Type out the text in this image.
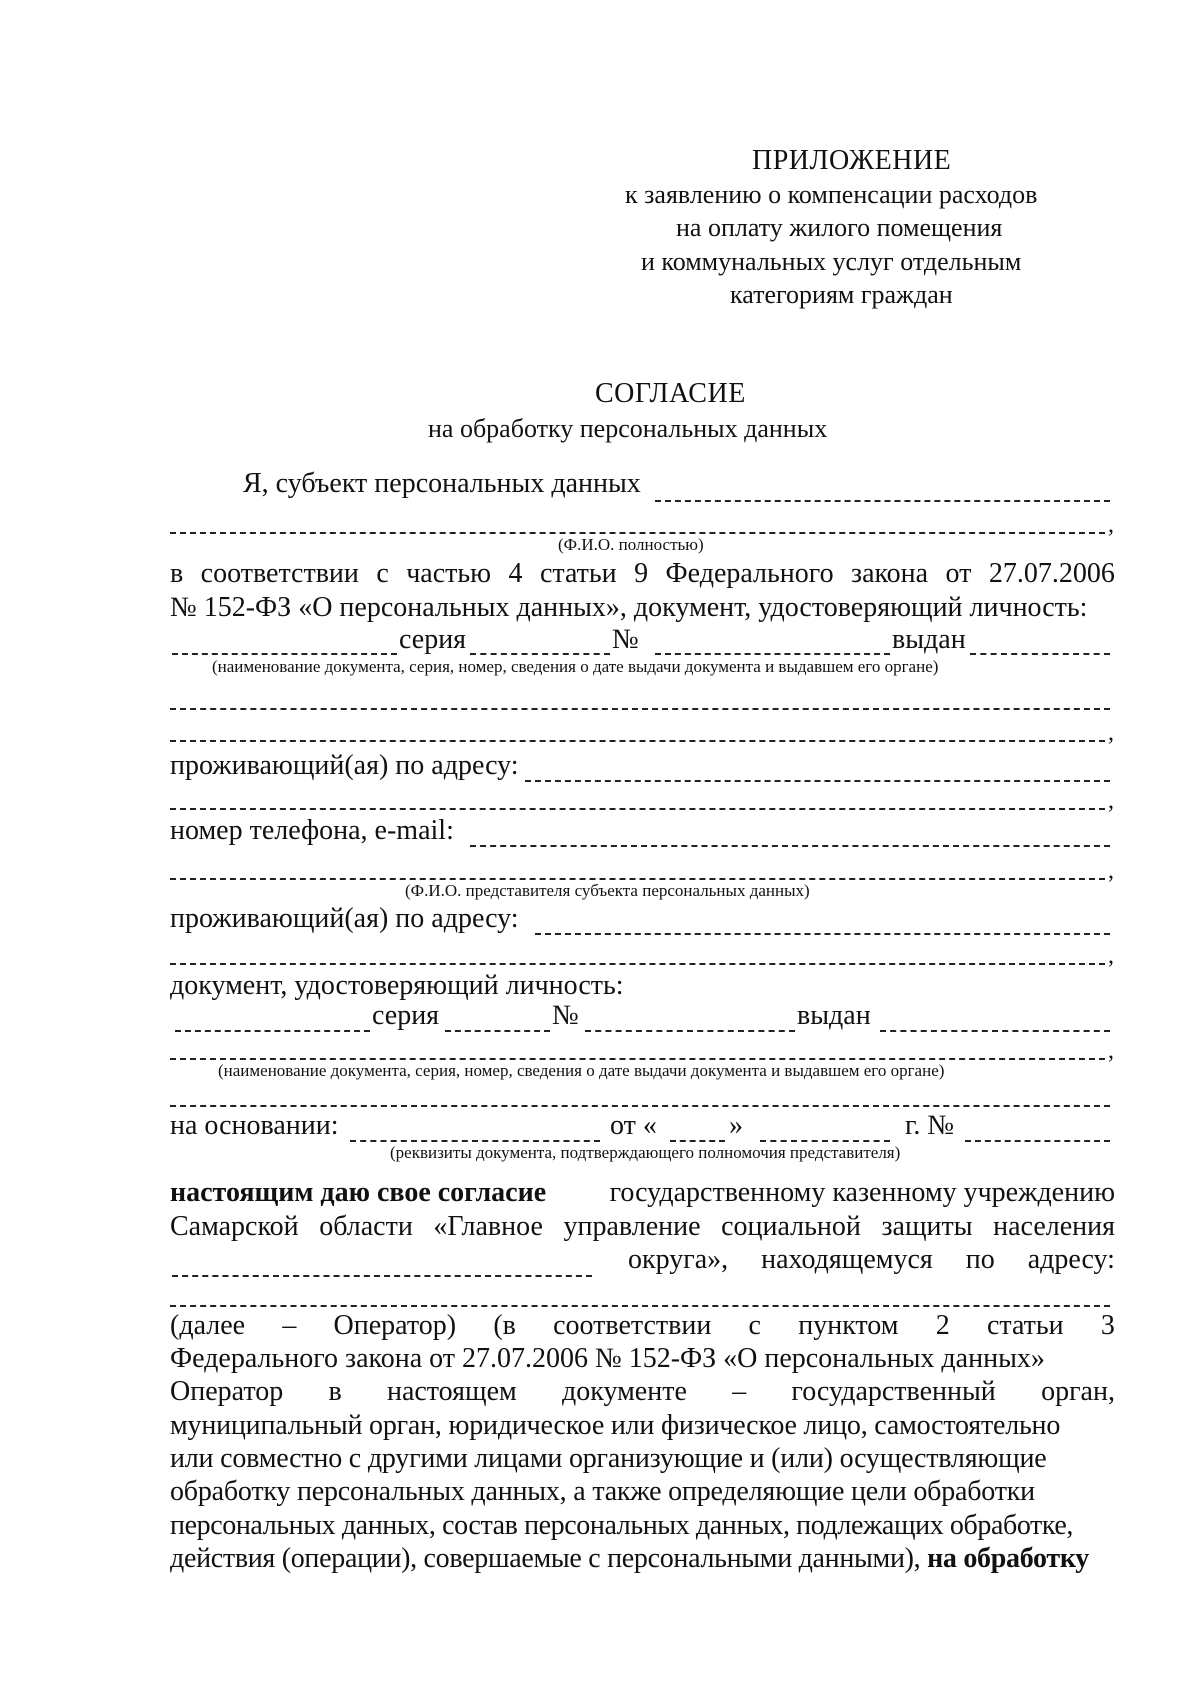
ПРИЛОЖЕНИЕ
к заявлению о компенсации расходов
на оплату жилого помещения
и коммунальных услуг отдельным
категориям граждан
СОГЛАСИЕ
на обработку персональных данных
Я, субъект персональных данных
,
(Ф.И.О. полностью)
в соответствии с частью 4 статьи 9 Федерального закона от 27.07.2006
№ 152-ФЗ «О персональных данных», документ, удостоверяющий личность:
серия	№	выдан
(наименование документа, серия, номер, сведения о дате выдачи документа и выдавшем его органе)
,
проживающий(ая) по адресу:
,
номер телефона, e-mail:
,
(Ф.И.О. представителя субъекта персональных данных)
проживающий(ая) по адресу:
,
документ, удостоверяющий личность:
серия	№	выдан
,
(наименование документа, серия, номер, сведения о дате выдачи документа и выдавшем его органе)
на основании:	от «	»	г. №
(реквизиты документа, подтверждающего полномочия представителя)
настоящим даю свое согласие государственному казенному учреждению
Самарской области «Главное управление социальной защиты населения
округа», находящемуся по адресу:
(далее – Оператор) (в соответствии с пунктом 2 статьи 3
Федерального закона от 27.07.2006 № 152-ФЗ «О персональных данных»
Оператор в настоящем документе – государственный орган,
муниципальный орган, юридическое или физическое лицо, самостоятельно
или совместно с другими лицами организующие и (или) осуществляющие
обработку персональных данных, а также определяющие цели обработки
персональных данных, состав персональных данных, подлежащих обработке,
действия (операции), совершаемые с персональными данными), на обработку
